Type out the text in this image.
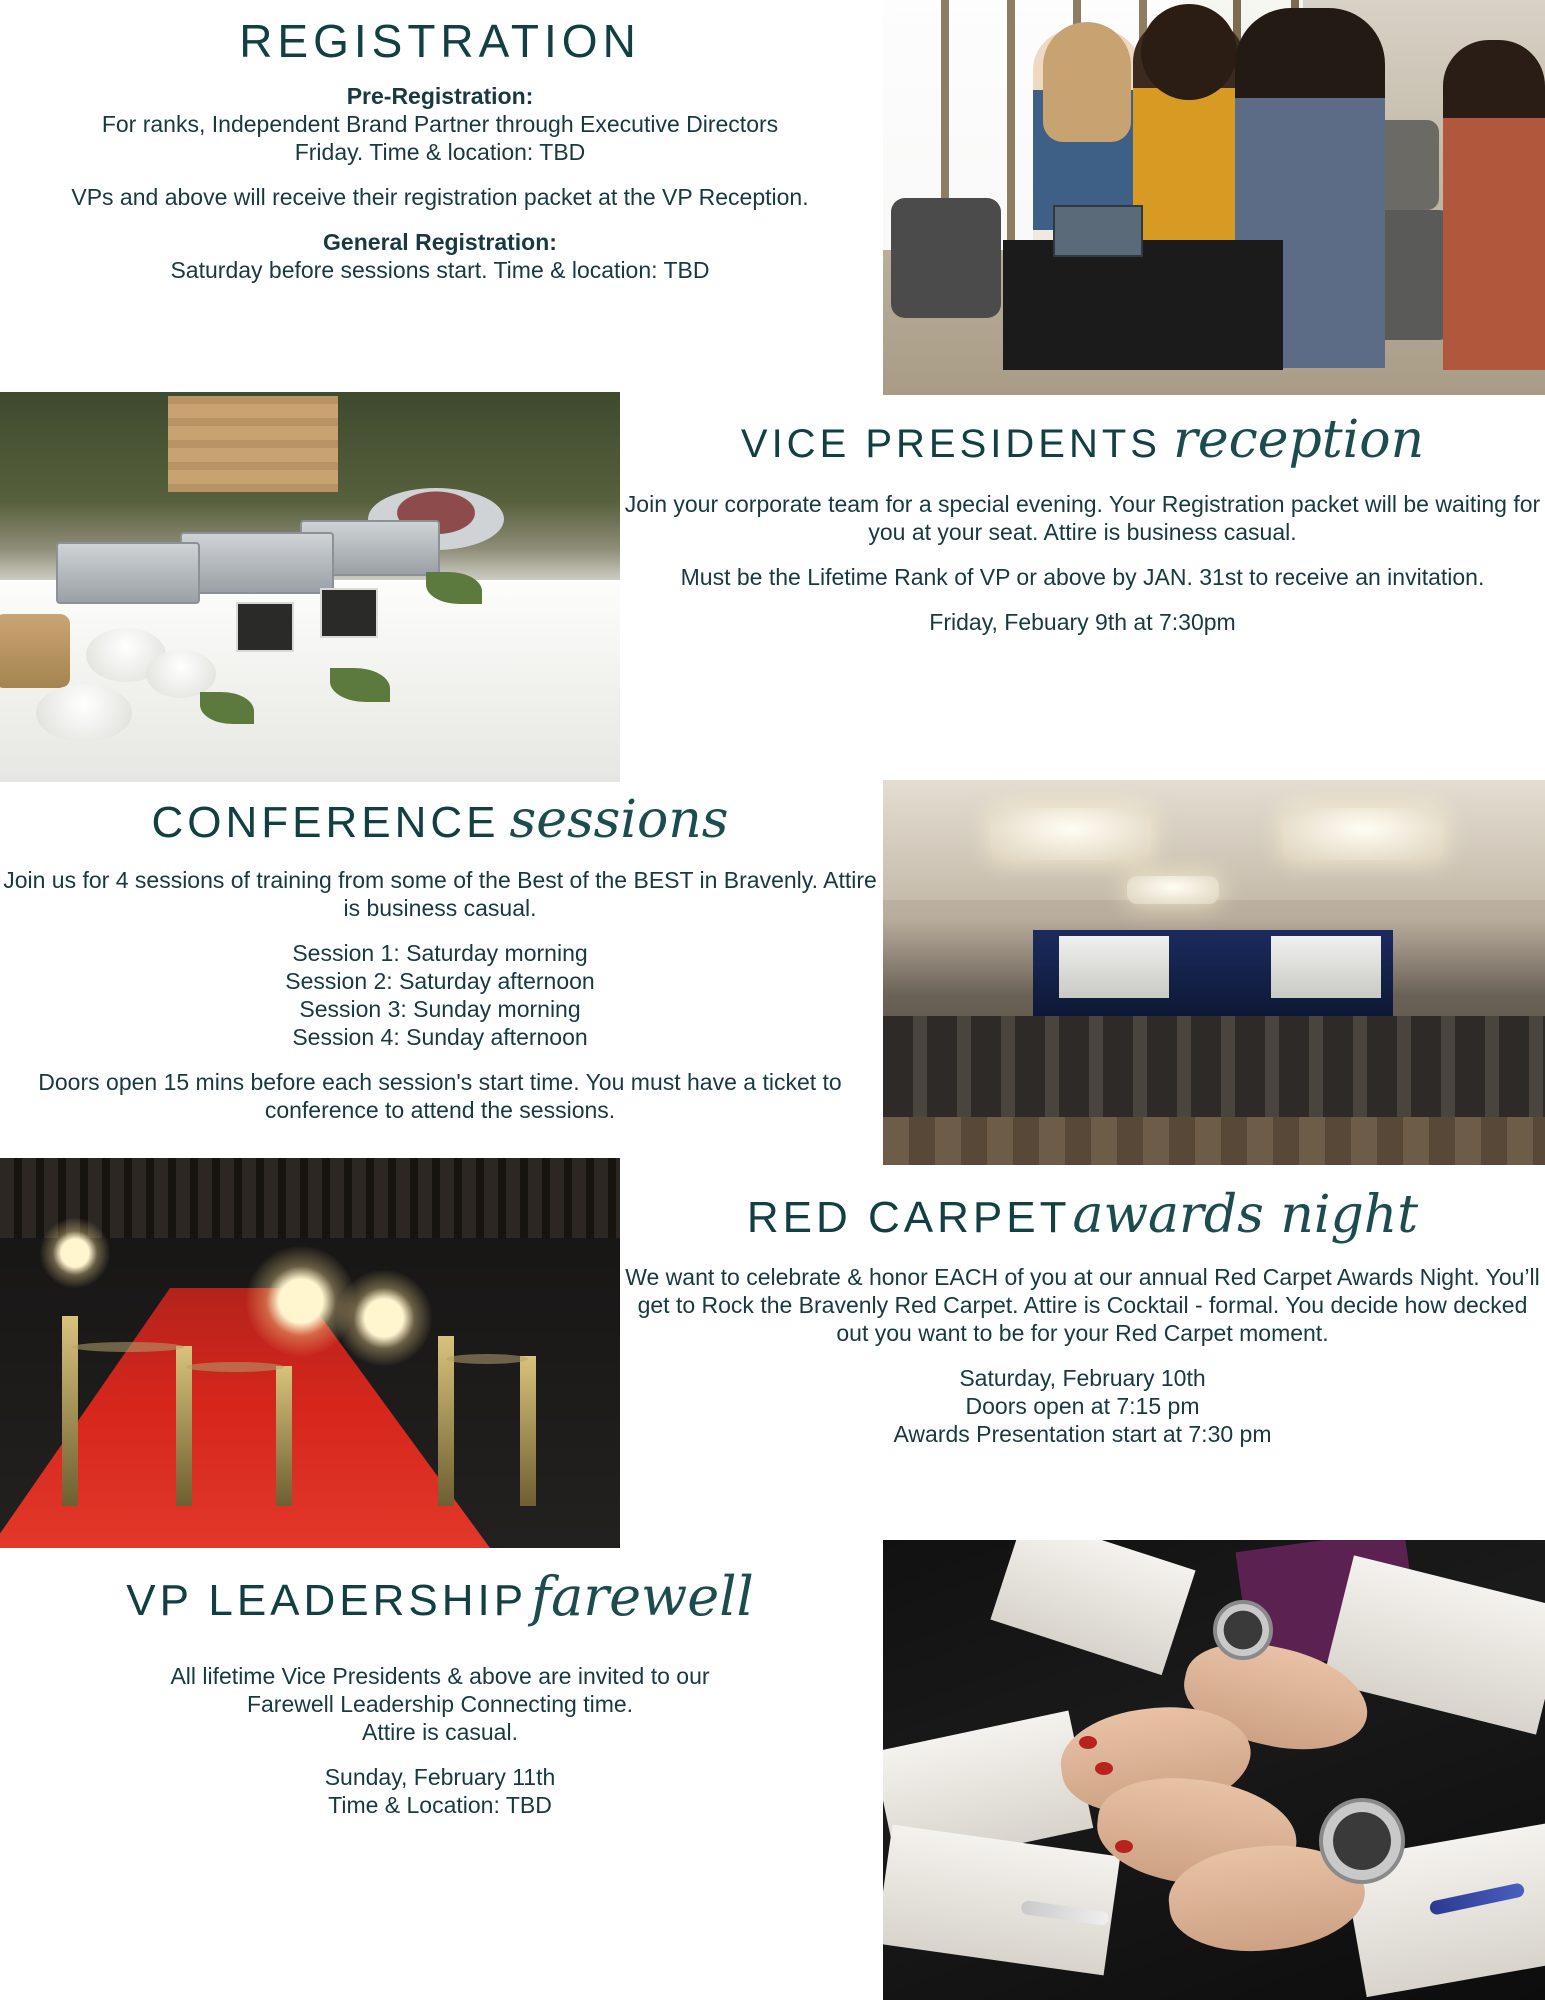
REGISTRATION
Pre-Registration:
For ranks, Independent Brand Partner through Executive Directors
Friday. Time & location: TBD
VPs and above will receive their registration packet at the VP Reception.
General Registration:
Saturday before sessions start. Time & location: TBD
VICE PRESIDENTS reception
Join your corporate team for a special evening. Your Registration packet will be waiting for you at your seat. Attire is business casual.
Must be the Lifetime Rank of VP or above by JAN. 31st to receive an invitation.
Friday, Febuary 9th at 7:30pm
CONFERENCE sessions
Join us for 4 sessions of training from some of the Best of the BEST in Bravenly. Attire is business casual.
Session 1: Saturday morning
Session 2: Saturday afternoon
Session 3: Sunday morning
Session 4: Sunday afternoon
Doors open 15 mins before each session's start time. You must have a ticket to conference to attend the sessions.
RED CARPET awards night
We want to celebrate & honor EACH of you at our annual Red Carpet Awards Night. You’ll get to Rock the Bravenly Red Carpet. Attire is Cocktail - formal. You decide how decked out you want to be for your Red Carpet moment.
Saturday, February 10th
Doors open at 7:15 pm
Awards Presentation start at 7:30 pm
VP LEADERSHIP farewell
All lifetime Vice Presidents & above are invited to our
Farewell Leadership Connecting time.
Attire is casual.
Sunday, February 11th
Time & Location: TBD
